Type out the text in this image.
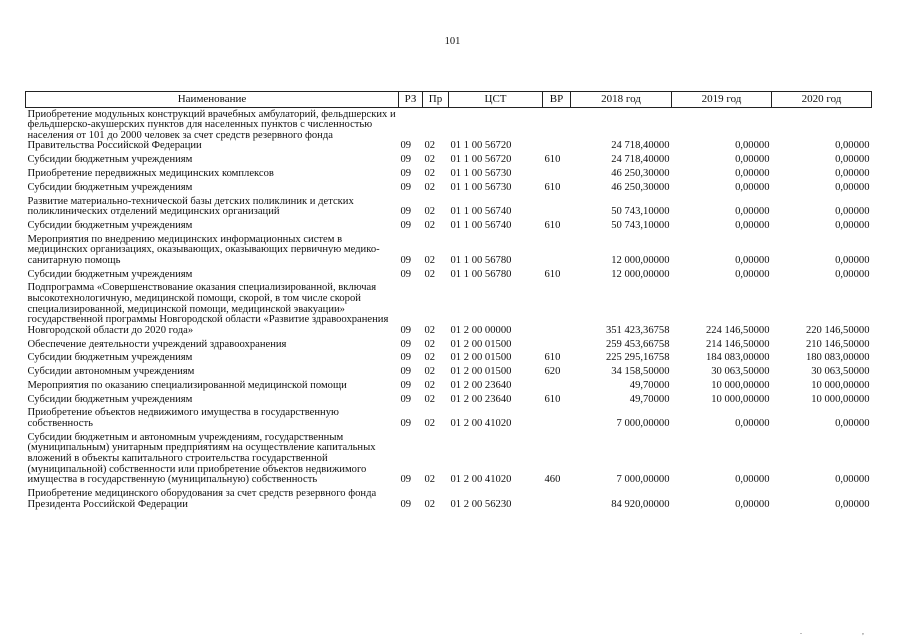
101
Наименование	РЗ	Пр	ЦСТ	ВР	2018 год	2019 год	2020 год
Приобретение модульных конструкций врачебных амбулаторий, фельдшерских и фельдшерско-акушерских пунктов для населенных пунктов с численностью населения от 101 до 2000 человек за счет средств резервного фонда Правительства Российской Федерации	09	02	01 1 00 56720		24 718,40000	0,00000	0,00000
Субсидии бюджетным учреждениям	09	02	01 1 00 56720	610	24 718,40000	0,00000	0,00000
Приобретение передвижных медицинских комплексов	09	02	01 1 00 56730		46 250,30000	0,00000	0,00000
Субсидии бюджетным учреждениям	09	02	01 1 00 56730	610	46 250,30000	0,00000	0,00000
Развитие материально-технической базы детских поликлиник и детских поликлинических отделений медицинских организаций	09	02	01 1 00 56740		50 743,10000	0,00000	0,00000
Субсидии бюджетным учреждениям	09	02	01 1 00 56740	610	50 743,10000	0,00000	0,00000
Мероприятия по внедрению медицинских информационных систем в медицинских организациях, оказывающих, оказывающих первичную медико-санитарную помощь	09	02	01 1 00 56780		12 000,00000	0,00000	0,00000
Субсидии бюджетным учреждениям	09	02	01 1 00 56780	610	12 000,00000	0,00000	0,00000
Подпрограмма «Совершенствование оказания специализированной, включая высокотехнологичную, медицинской помощи, скорой, в том числе скорой специализированной, медицинской помощи, медицинской эвакуации» государственной программы Новгородской области «Развитие здравоохранения Новгородской области до 2020 года»	09	02	01 2 00 00000		351 423,36758	224 146,50000	220 146,50000
Обеспечение деятельности учреждений здравоохранения	09	02	01 2 00 01500		259 453,66758	214 146,50000	210 146,50000
Субсидии бюджетным учреждениям	09	02	01 2 00 01500	610	225 295,16758	184 083,00000	180 083,00000
Субсидии автономным учреждениям	09	02	01 2 00 01500	620	34 158,50000	30 063,50000	30 063,50000
Мероприятия по оказанию специализированной медицинской помощи	09	02	01 2 00 23640		49,70000	10 000,00000	10 000,00000
Субсидии бюджетным учреждениям	09	02	01 2 00 23640	610	49,70000	10 000,00000	10 000,00000
Приобретение объектов недвижимого имущества в государственную собственность	09	02	01 2 00 41020		7 000,00000	0,00000	0,00000
Субсидии бюджетным и автономным учреждениям, государственным (муниципальным) унитарным предприятиям на осуществление капитальных вложений в объекты капитального строительства государственной (муниципальной) собственности или приобретение объектов недвижимого имущества в государственную (муниципальную) собственность	09	02	01 2 00 41020	460	7 000,00000	0,00000	0,00000
Приобретение медицинского оборудования за счет средств резервного фонда Президента Российской Федерации	09	02	01 2 00 56230		84 920,00000	0,00000	0,00000
.	,
